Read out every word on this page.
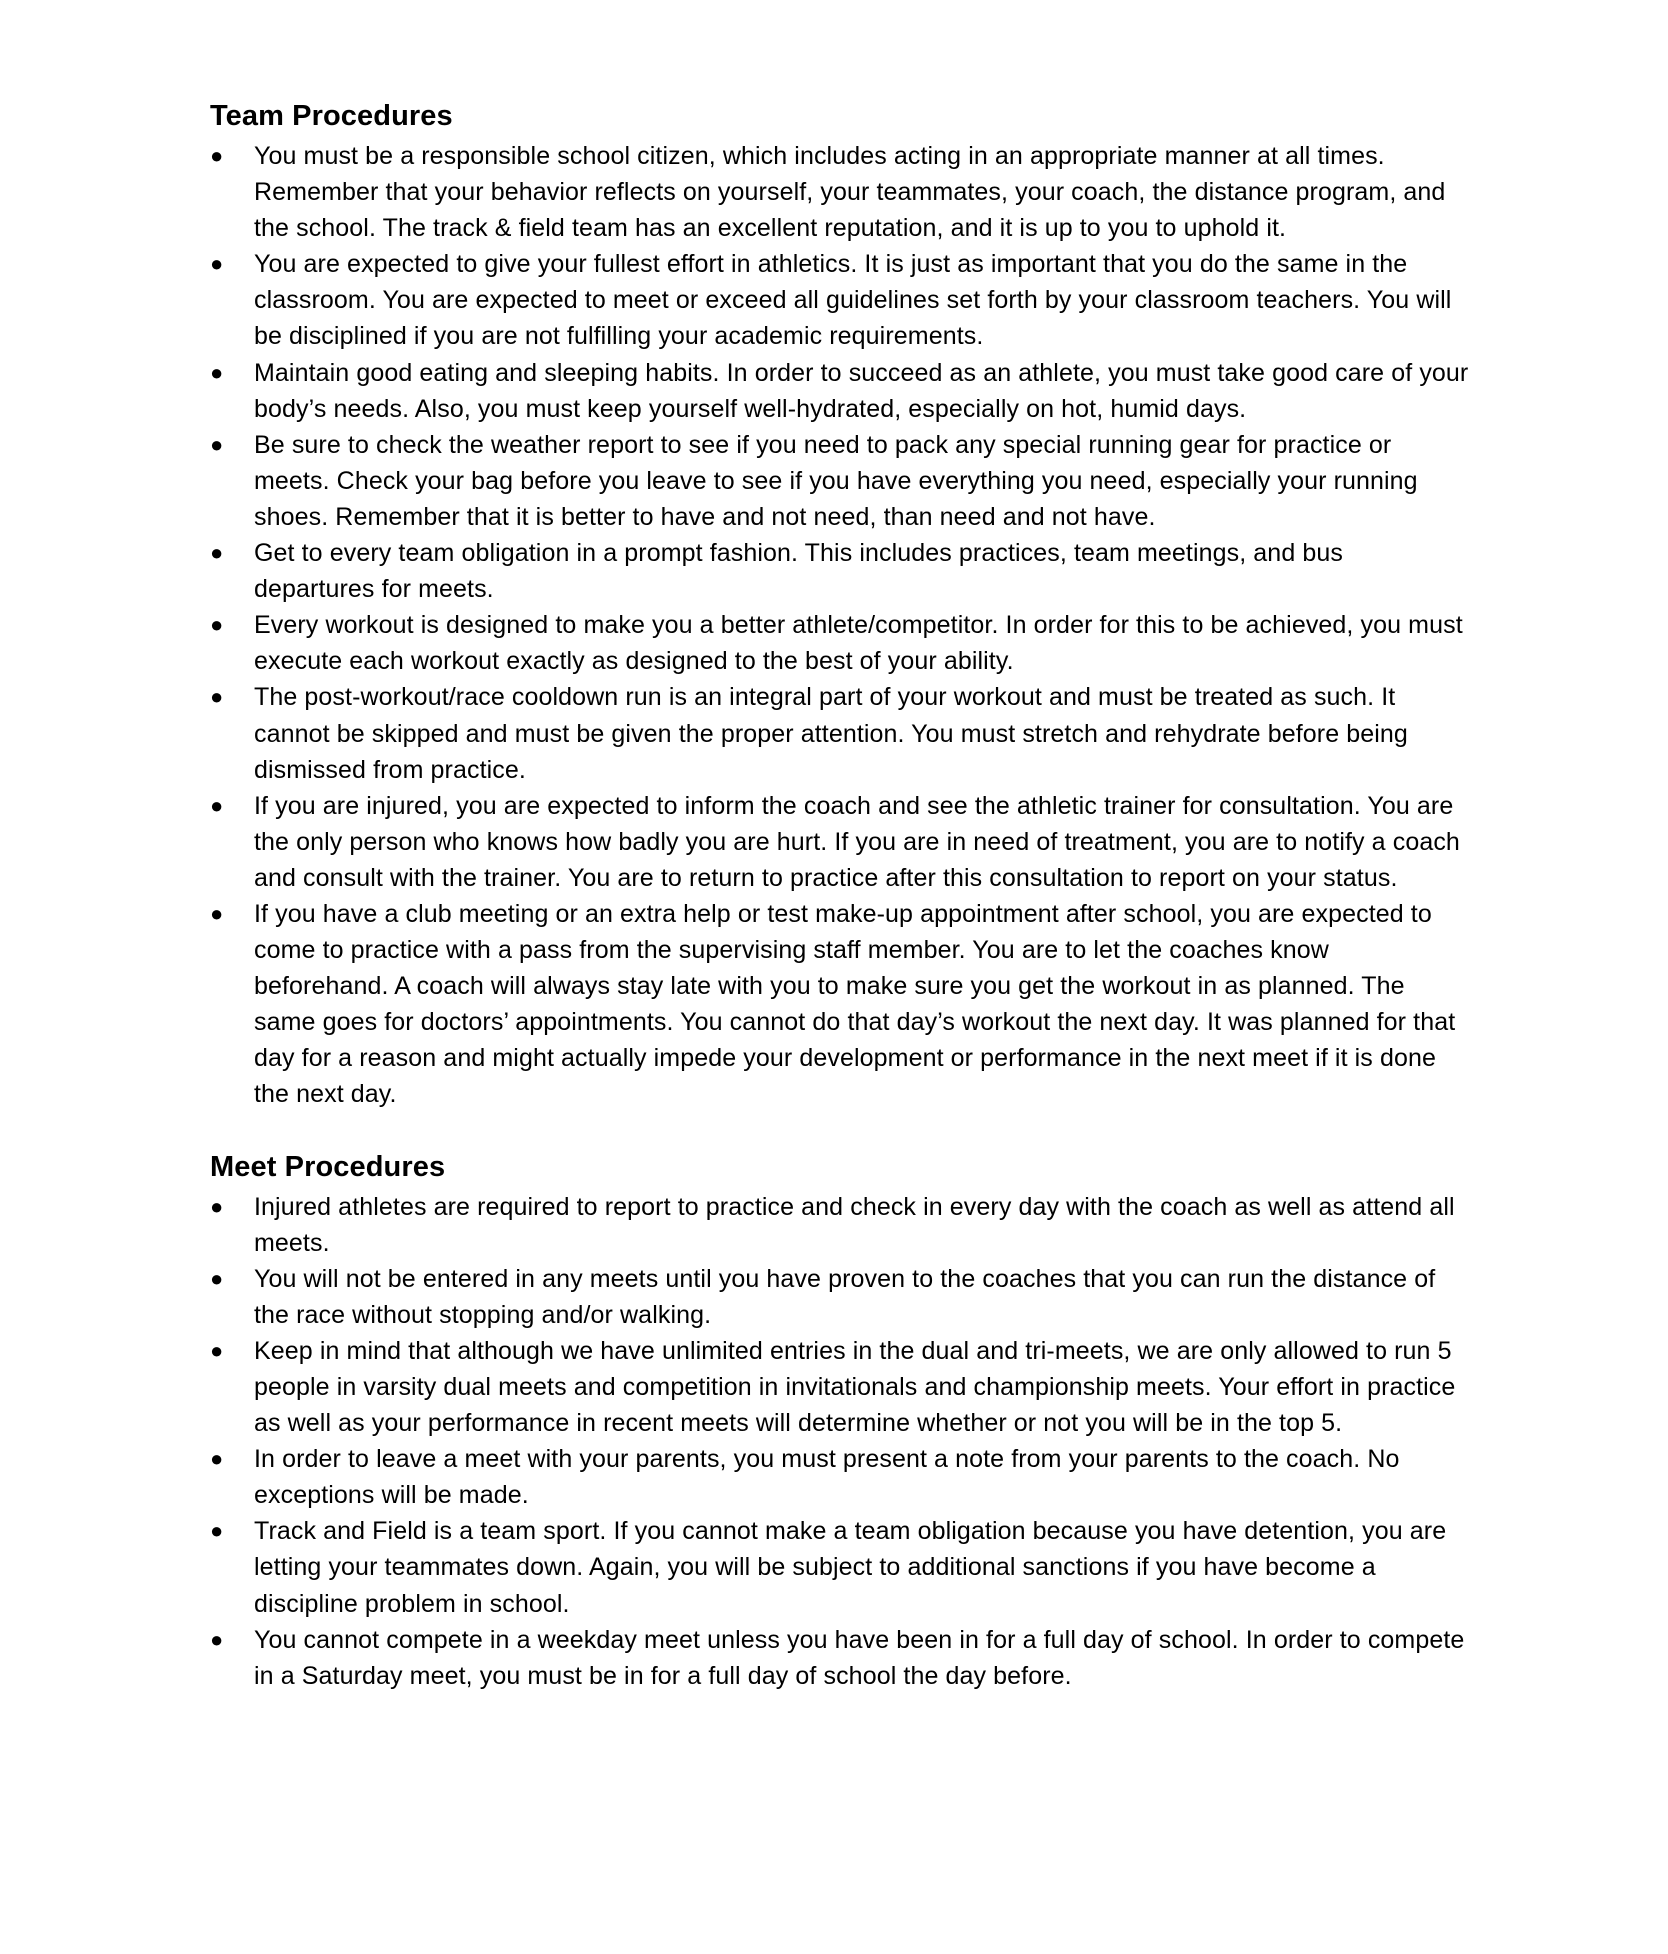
Team Procedures
●	You must be a responsible school citizen, which includes acting in an appropriate manner at all times. Remember that your behavior reflects on yourself, your teammates, your coach, the distance program, and the school. The track & field team has an excellent reputation, and it is up to you to uphold it.
●	You are expected to give your fullest effort in athletics. It is just as important that you do the same in the classroom. You are expected to meet or exceed all guidelines set forth by your classroom teachers. You will be disciplined if you are not fulfilling your academic requirements.
●	Maintain good eating and sleeping habits. In order to succeed as an athlete, you must take good care of your body’s needs. Also, you must keep yourself well-hydrated, especially on hot, humid days.
●	Be sure to check the weather report to see if you need to pack any special running gear for practice or meets. Check your bag before you leave to see if you have everything you need, especially your running shoes. Remember that it is better to have and not need, than need and not have.
●	Get to every team obligation in a prompt fashion. This includes practices, team meetings, and bus departures for meets.
●	Every workout is designed to make you a better athlete/competitor. In order for this to be achieved, you must execute each workout exactly as designed to the best of your ability.
●	The post-workout/race cooldown run is an integral part of your workout and must be treated as such. It cannot be skipped and must be given the proper attention. You must stretch and rehydrate before being dismissed from practice.
●	If you are injured, you are expected to inform the coach and see the athletic trainer for consultation. You are the only person who knows how badly you are hurt. If you are in need of treatment, you are to notify a coach and consult with the trainer. You are to return to practice after this consultation to report on your status.
●	If you have a club meeting or an extra help or test make-up appointment after school, you are expected to come to practice with a pass from the supervising staff member. You are to let the coaches know beforehand. A coach will always stay late with you to make sure you get the workout in as planned. The same goes for doctors’ appointments. You cannot do that day’s workout the next day. It was planned for that day for a reason and might actually impede your development or performance in the next meet if it is done the next day.
Meet Procedures
●	Injured athletes are required to report to practice and check in every day with the coach as well as attend all meets.
●	You will not be entered in any meets until you have proven to the coaches that you can run the distance of the race without stopping and/or walking.
●	Keep in mind that although we have unlimited entries in the dual and tri-meets, we are only allowed to run 5 people in varsity dual meets and competition in invitationals and championship meets. Your effort in practice as well as your performance in recent meets will determine whether or not you will be in the top 5.
●	In order to leave a meet with your parents, you must present a note from your parents to the coach. No exceptions will be made.
●	Track and Field is a team sport. If you cannot make a team obligation because you have detention, you are letting your teammates down. Again, you will be subject to additional sanctions if you have become a discipline problem in school.
●	You cannot compete in a weekday meet unless you have been in for a full day of school. In order to compete in a Saturday meet, you must be in for a full day of school the day before.
